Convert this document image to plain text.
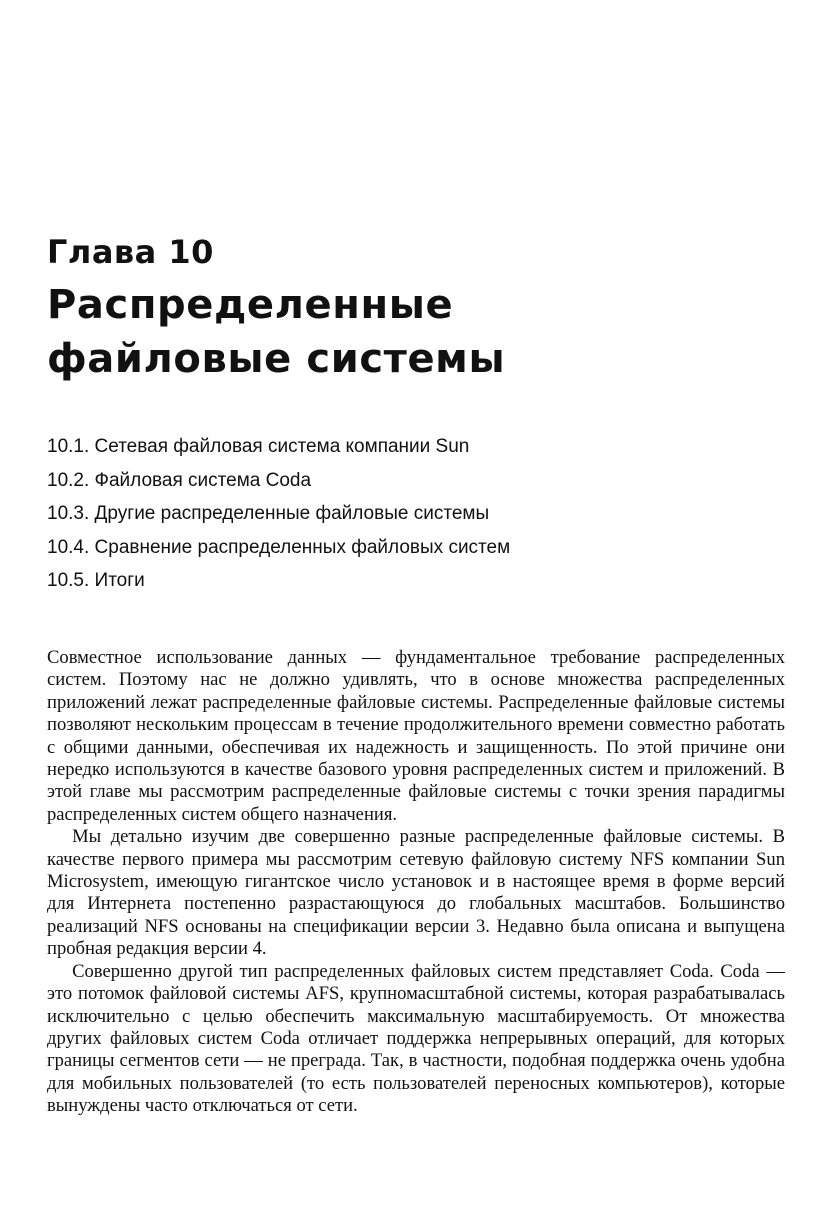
Глава 10
Распределенные
файловые системы
10.1. Сетевая файловая система компании Sun
10.2. Файловая система Coda
10.3. Другие распределенные файловые системы
10.4. Сравнение распределенных файловых систем
10.5. Итоги

Совместное использование данных — фундаментальное требование распределенных систем. Поэтому нас не должно удивлять, что в основе множества распределенных приложений лежат распределенные файловые системы. Распределенные файловые системы позволяют нескольким процессам в течение продолжительного времени совместно работать с общими данными, обеспечивая их надежность и защищенность. По этой причине они нередко используются в качестве базового уровня распределенных систем и приложений. В этой главе мы рассмотрим распределенные файловые системы с точки зрения парадигмы распределенных систем общего назначения.

Мы детально изучим две совершенно разные распределенные файловые системы. В качестве первого примера мы рассмотрим сетевую файловую систему NFS компании Sun Microsystem, имеющую гигантское число установок и в настоящее время в форме версий для Интернета постепенно разрастающуюся до глобальных масштабов. Большинство реализаций NFS основаны на спецификации версии 3. Недавно была описана и выпущена пробная редакция версии 4.

Совершенно другой тип распределенных файловых систем представляет Coda. Coda — это потомок файловой системы AFS, крупномасштабной системы, которая разрабатывалась исключительно с целью обеспечить максимальную масштабируемость. От множества других файловых систем Coda отличает поддержка непрерывных операций, для которых границы сегментов сети — не преграда. Так, в частности, подобная поддержка очень удобна для мобильных пользователей (то есть пользователей переносных компьютеров), которые вынуждены часто отключаться от сети.
